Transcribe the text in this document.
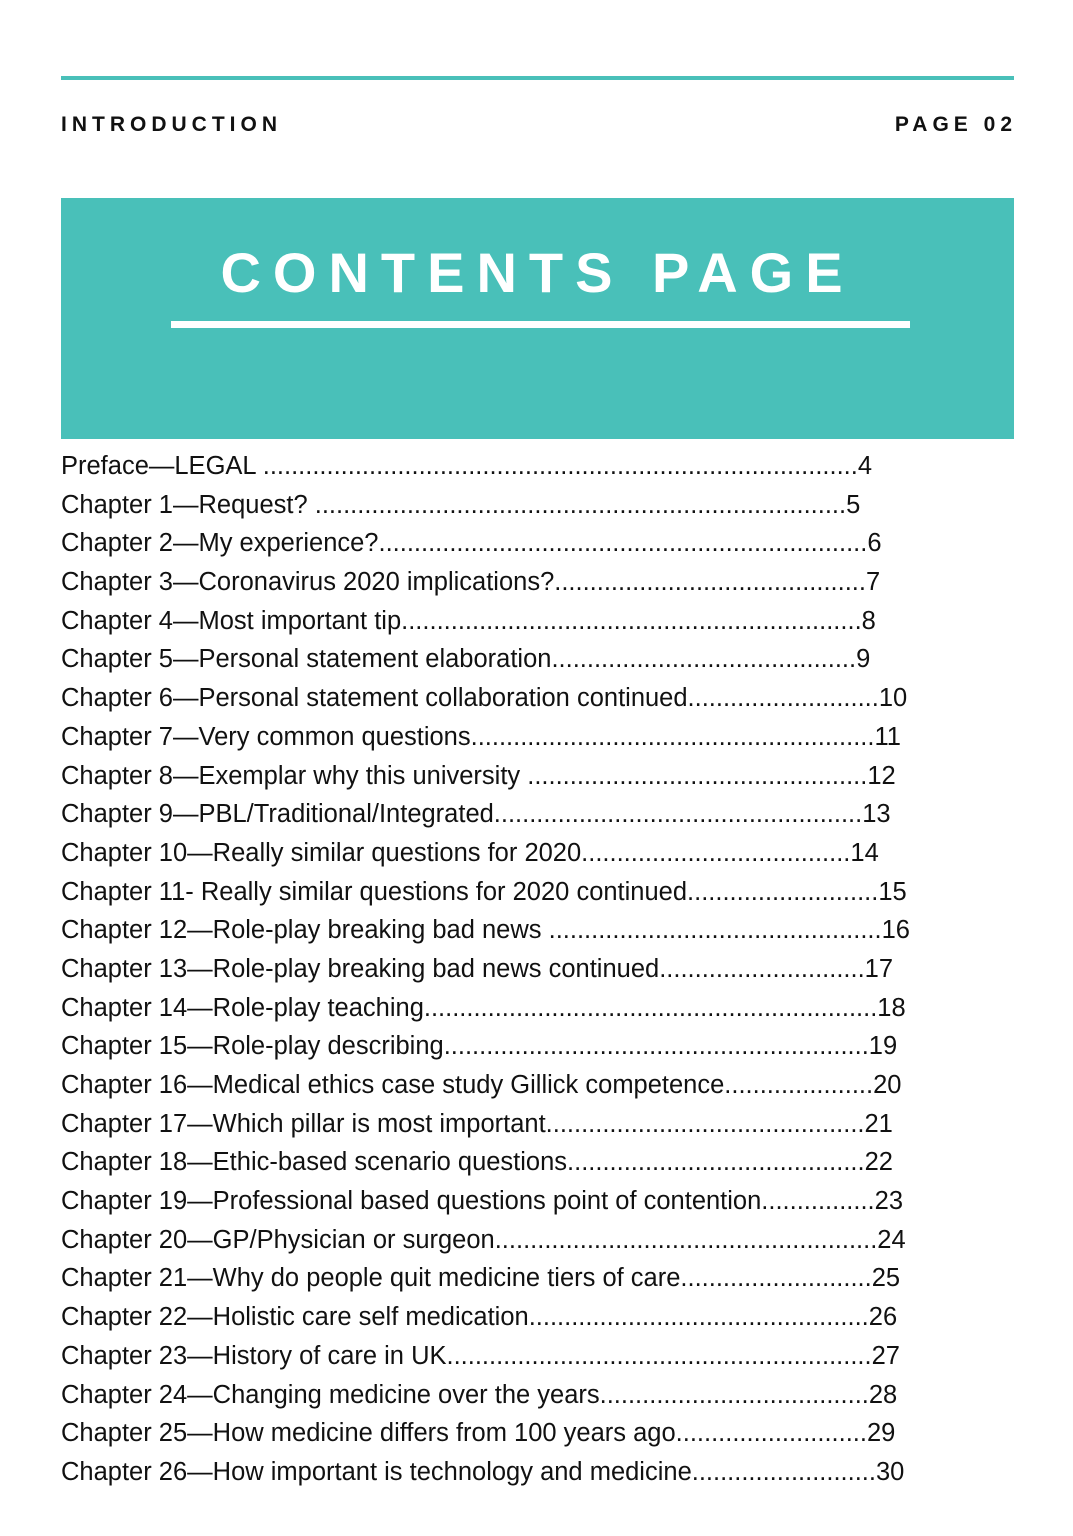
INTRODUCTION	PAGE 02
CONTENTS PAGE
Preface—LEGAL ....................................................................................4
Chapter 1—Request? ...........................................................................5
Chapter 2—My experience?.....................................................................6
Chapter 3—Coronavirus 2020 implications?............................................7
Chapter 4—Most important tip.................................................................8
Chapter 5—Personal statement elaboration...........................................9
Chapter 6—Personal statement collaboration continued...........................10
Chapter 7—Very common questions.........................................................11
Chapter 8—Exemplar why this university ................................................12
Chapter 9—PBL/Traditional/Integrated....................................................13
Chapter 10—Really similar questions for 2020......................................14
Chapter 11- Really similar questions for 2020 continued...........................15
Chapter 12—Role-play breaking bad news ...............................................16
Chapter 13—Role-play breaking bad news continued.............................17
Chapter 14—Role-play teaching................................................................18
Chapter 15—Role-play describing............................................................19
Chapter 16—Medical ethics case study Gillick competence.....................20
Chapter 17—Which pillar is most important.............................................21
Chapter 18—Ethic-based scenario questions..........................................22
Chapter 19—Professional based questions point of contention................23
Chapter 20—GP/Physician or surgeon......................................................24
Chapter 21—Why do people quit medicine tiers of care...........................25
Chapter 22—Holistic care self medication................................................26
Chapter 23—History of care in UK............................................................27
Chapter 24—Changing medicine over the years......................................28
Chapter 25—How medicine differs from 100 years ago...........................29
Chapter 26—How important is technology and medicine..........................30
